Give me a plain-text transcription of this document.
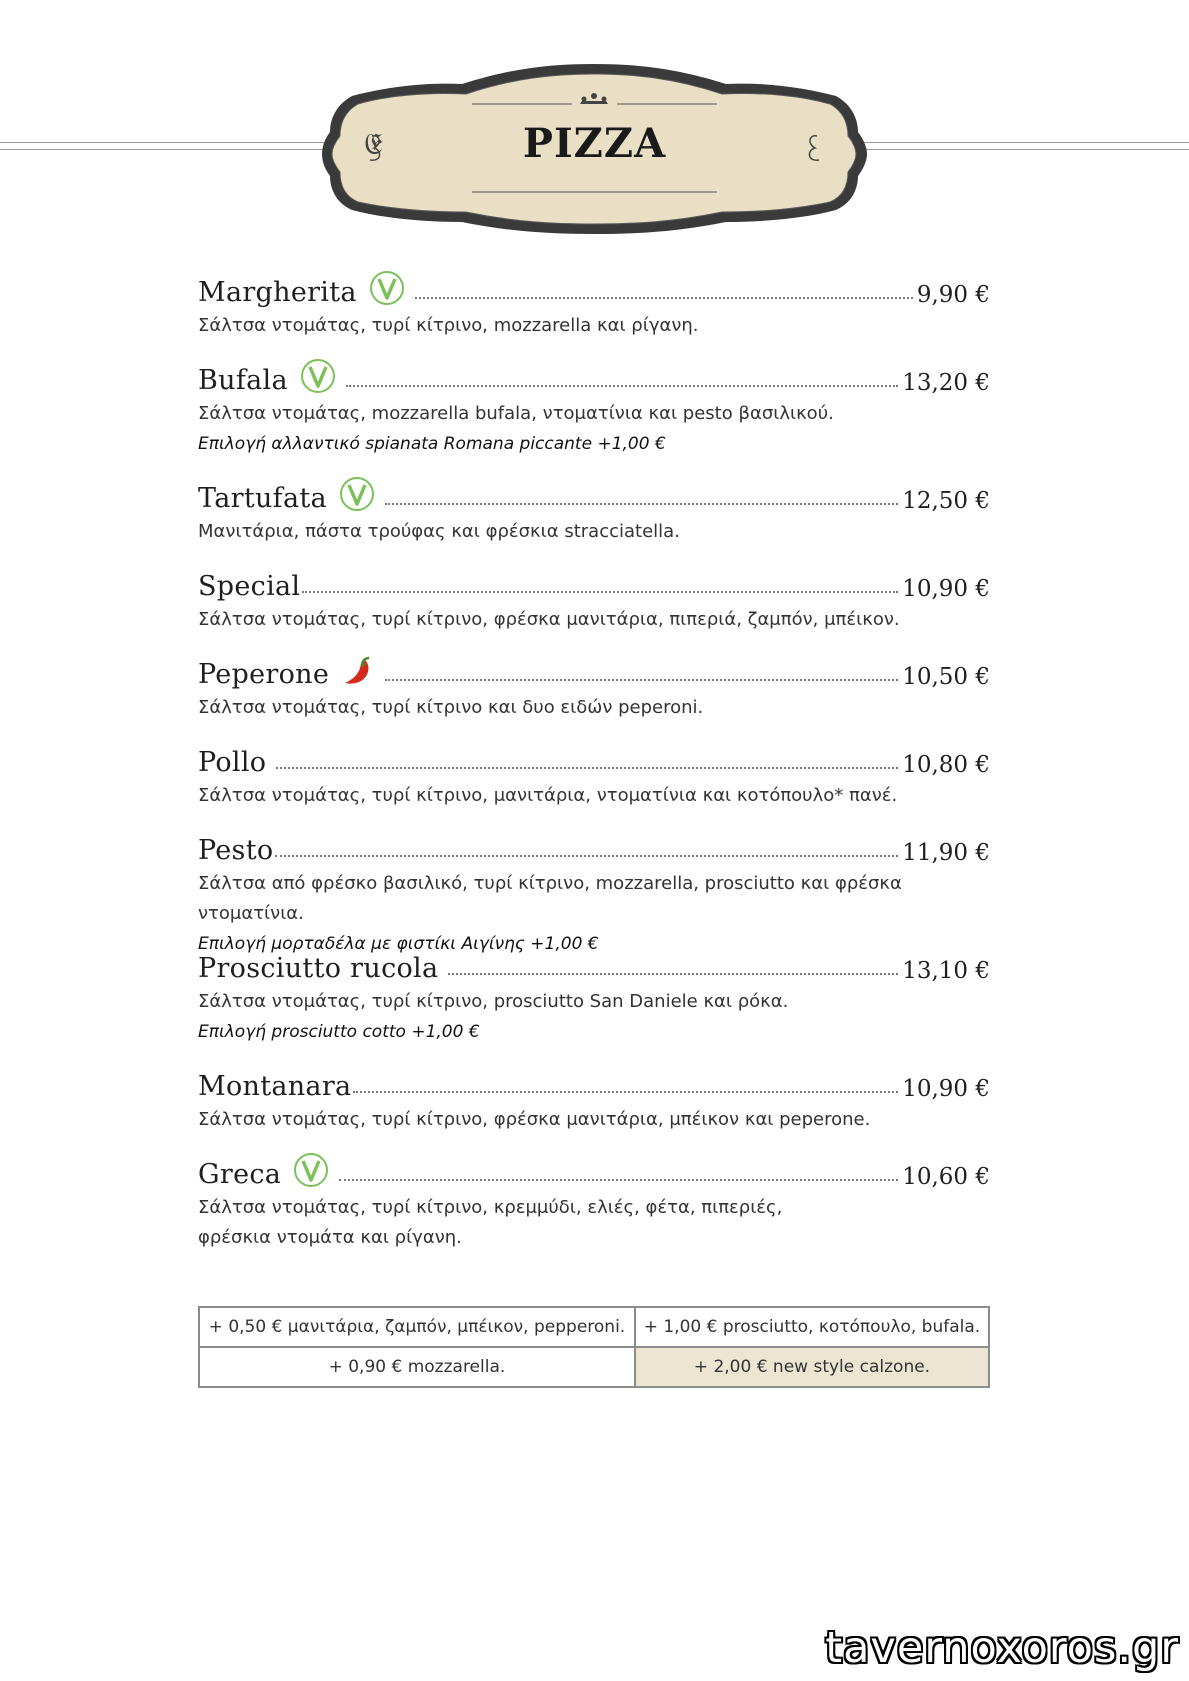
𝔈	PIZZA
Margherita	9,90 €
Σάλτσα ντομάτας, τυρί κίτρινο, mozzarella και ρίγανη.
Bufala	13,20 €
Σάλτσα ντομάτας, mozzarella bufala, ντοματίνια και pesto βασιλικού.
Επιλογή αλλαντικό spianata Romana piccante +1,00 €
Tartufata	12,50 €
Μανιτάρια, πάστα τρούφας και φρέσκια stracciatella.
Special	10,90 €
Σάλτσα ντομάτας, τυρί κίτρινο, φρέσκα μανιτάρια, πιπεριά, ζαμπόν, μπέικον.
Peperone	10,50 €
Σάλτσα ντομάτας, τυρί κίτρινο και δυο ειδών peperoni.
Pollo	10,80 €
Σάλτσα ντομάτας, τυρί κίτρινο, μανιτάρια, ντοματίνια και κοτόπουλο* πανέ.
Pesto	11,90 €
Σάλτσα από φρέσκο βασιλικό, τυρί κίτρινο, mozzarella, prosciutto και φρέσκα ντοματίνια.
Επιλογή μορταδέλα με φιστίκι Αιγίνης +1,00 €
Prosciutto rucola	13,10 €
Σάλτσα ντομάτας, τυρί κίτρινο, prosciutto San Daniele και ρόκα.
Επιλογή prosciutto cotto +1,00 €
Montanara	10,90 €
Σάλτσα ντομάτας, τυρί κίτρινο, φρέσκα μανιτάρια, μπέικον και peperone.
Greca	10,60 €
Σάλτσα ντομάτας, τυρί κίτρινο, κρεμμύδι, ελιές, φέτα, πιπεριές,
φρέσκια ντομάτα και ρίγανη.
+ 0,50 € μανιτάρια, ζαμπόν, μπέικον, pepperoni.	+ 1,00 € prosciutto, κοτόπουλο, bufala.
+ 0,90 € mozzarella.	+ 2,00 € new style calzone.
tavernoxoros.gr
